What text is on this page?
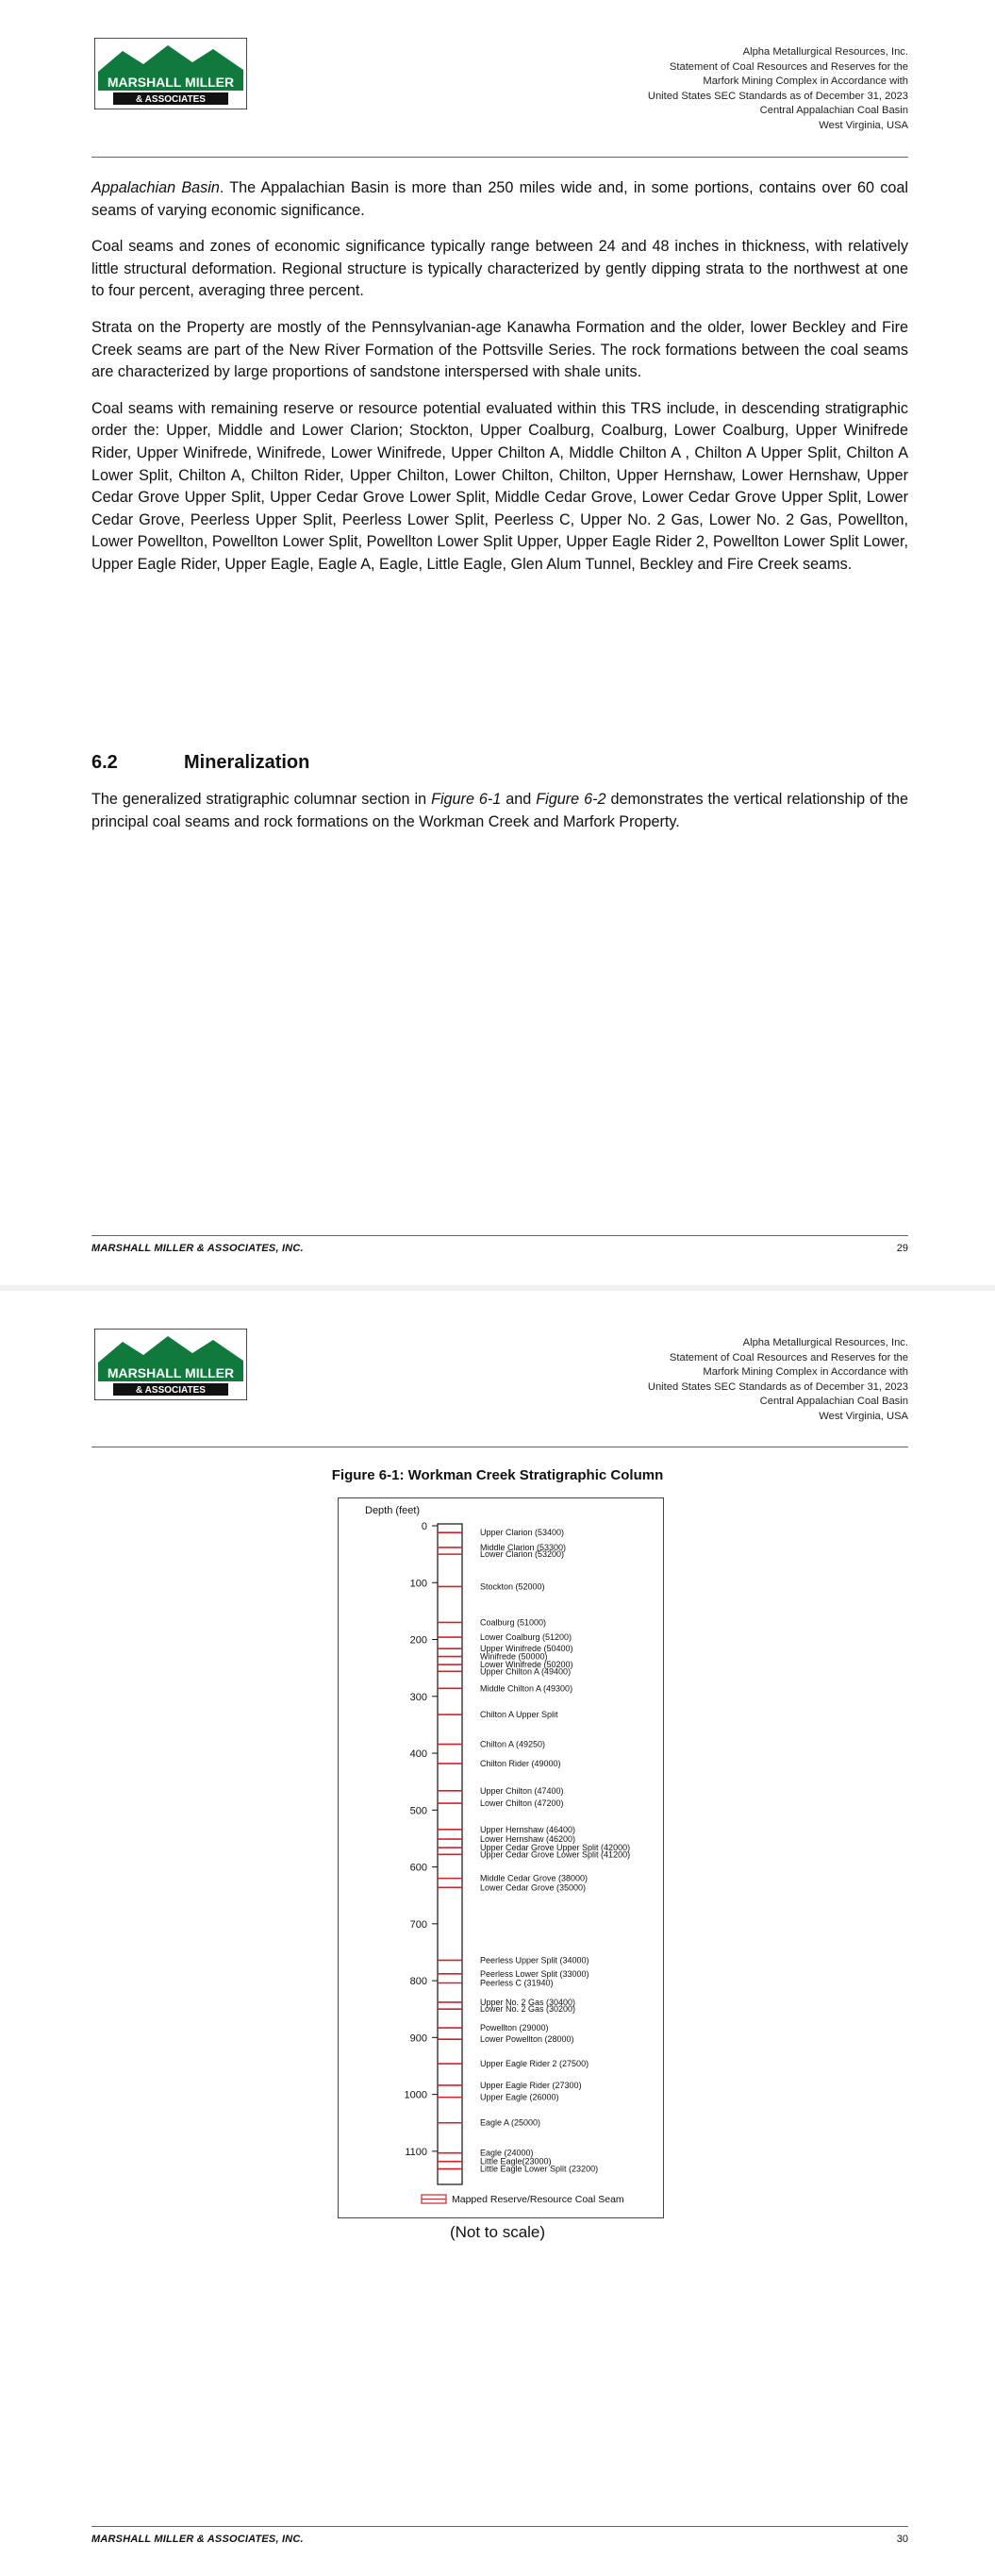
MARSHALL MILLER
& ASSOCIATES
Alpha Metallurgical Resources, Inc.
Statement of Coal Resources and Reserves for the
Marfork Mining Complex in Accordance with
United States SEC Standards as of December 31, 2023
Central Appalachian Coal Basin
West Virginia, USA

Appalachian Basin. The Appalachian Basin is more than 250 miles wide and, in some portions, contains over 60 coal seams of varying economic significance.

Coal seams and zones of economic significance typically range between 24 and 48 inches in thickness, with relatively little structural deformation. Regional structure is typically characterized by gently dipping strata to the northwest at one to four percent, averaging three percent.

Strata on the Property are mostly of the Pennsylvanian-age Kanawha Formation and the older, lower Beckley and Fire Creek seams are part of the New River Formation of the Pottsville Series. The rock formations between the coal seams are characterized by large proportions of sandstone interspersed with shale units.

Coal seams with remaining reserve or resource potential evaluated within this TRS include, in descending stratigraphic order the: Upper, Middle and Lower Clarion; Stockton, Upper Coalburg, Coalburg, Lower Coalburg, Upper Winifrede Rider, Upper Winifrede, Winifrede, Lower Winifrede, Upper Chilton A, Middle Chilton A , Chilton A Upper Split, Chilton A Lower Split, Chilton A, Chilton Rider, Upper Chilton, Lower Chilton, Chilton, Upper Hernshaw, Lower Hernshaw, Upper Cedar Grove Upper Split, Upper Cedar Grove Lower Split, Middle Cedar Grove, Lower Cedar Grove Upper Split, Lower Cedar Grove, Peerless Upper Split, Peerless Lower Split, Peerless C, Upper No. 2 Gas, Lower No. 2 Gas, Powellton, Lower Powellton, Powellton Lower Split, Powellton Lower Split Upper, Upper Eagle Rider 2, Powellton Lower Split Lower, Upper Eagle Rider, Upper Eagle, Eagle A, Eagle, Little Eagle, Glen Alum Tunnel, Beckley and Fire Creek seams.

6.2	Mineralization

The generalized stratigraphic columnar section in Figure 6-1 and Figure 6-2 demonstrates the vertical relationship of the principal coal seams and rock formations on the Workman Creek and Marfork Property.

MARSHALL MILLER & ASSOCIATES, INC.	29
MARSHALL MILLER
& ASSOCIATES
Alpha Metallurgical Resources, Inc.
Statement of Coal Resources and Reserves for the
Marfork Mining Complex in Accordance with
United States SEC Standards as of December 31, 2023
Central Appalachian Coal Basin
West Virginia, USA
Figure 6-1: Workman Creek Stratigraphic Column
Depth (feet)
0
100
200
300
400
500
600
700
800
900
1000
1100
Upper Clarion (53400)
Middle Clarion (53300)
Lower Clarion (53200)
Stockton (52000)
Coalburg (51000)
Lower Coalburg (51200)
Upper Winifrede (50400)
Winifrede (50000)
Lower Winifrede (50200)
Upper Chilton A (49400)
Middle Chilton A (49300)
Chilton A Upper Split
Chilton A (49250)
Chilton Rider (49000)
Upper Chilton (47400)
Lower Chilton (47200)
Upper Hernshaw (46400)
Lower Hernshaw (46200)
Upper Cedar Grove Upper Split (42000)
Upper Cedar Grove Lower Split (41200)
Middle Cedar Grove (38000)
Lower Cedar Grove (35000)
Peerless Upper Split (34000)
Peerless Lower Split (33000)
Peerless C (31940)
Upper No. 2 Gas (30400)
Lower No. 2 Gas (30200)
Powellton (29000)
Lower Powellton (28000)
Upper Eagle Rider 2 (27500)
Upper Eagle Rider (27300)
Upper Eagle (26000)
Eagle A (25000)
Eagle (24000)
Little Eagle(23000)
Little Eagle Lower Split (23200)
Mapped Reserve/Resource Coal Seam
(Not to scale)
MARSHALL MILLER & ASSOCIATES, INC.	30
